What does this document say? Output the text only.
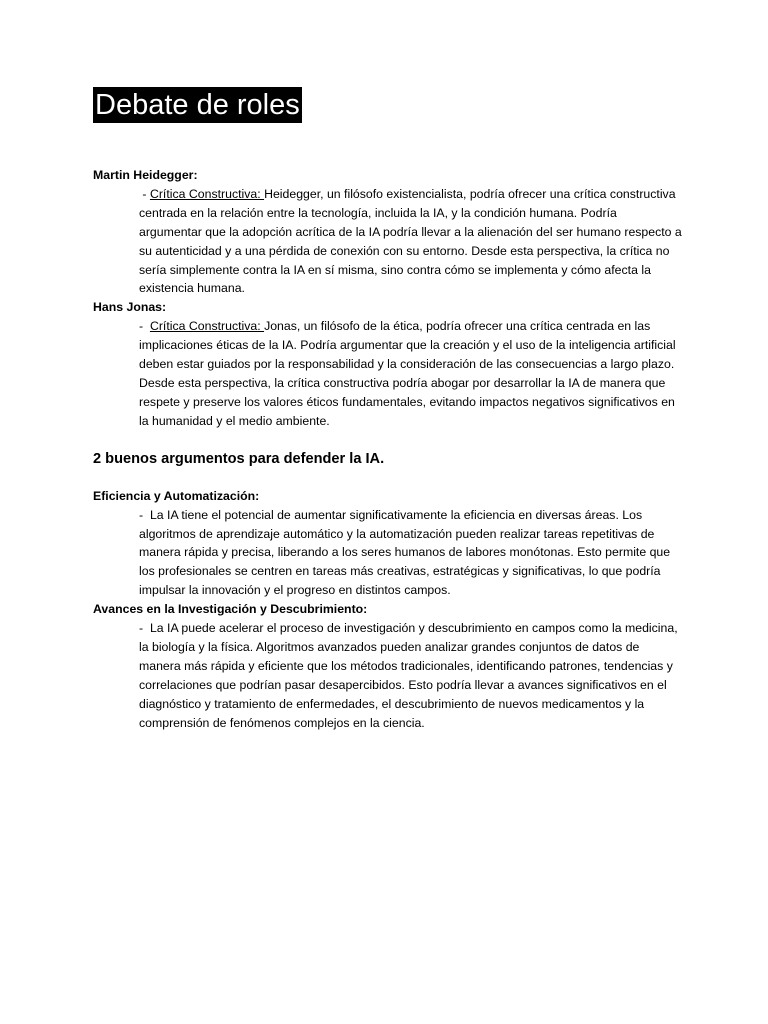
Debate de roles
Martin Heidegger:
- Crítica Constructiva: Heidegger, un filósofo existencialista, podría ofrecer una crítica constructiva centrada en la relación entre la tecnología, incluida la IA, y la condición humana. Podría argumentar que la adopción acrítica de la IA podría llevar a la alienación del ser humano respecto a su autenticidad y a una pérdida de conexión con su entorno. Desde esta perspectiva, la crítica no sería simplemente contra la IA en sí misma, sino contra cómo se implementa y cómo afecta la existencia humana.
Hans Jonas:
-  Crítica Constructiva: Jonas, un filósofo de la ética, podría ofrecer una crítica centrada en las implicaciones éticas de la IA. Podría argumentar que la creación y el uso de la inteligencia artificial deben estar guiados por la responsabilidad y la consideración de las consecuencias a largo plazo. Desde esta perspectiva, la crítica constructiva podría abogar por desarrollar la IA de manera que respete y preserve los valores éticos fundamentales, evitando impactos negativos significativos en la humanidad y el medio ambiente.
2 buenos argumentos para defender la IA.
Eficiencia y Automatización:
-  La IA tiene el potencial de aumentar significativamente la eficiencia en diversas áreas. Los algoritmos de aprendizaje automático y la automatización pueden realizar tareas repetitivas de manera rápida y precisa, liberando a los seres humanos de labores monótonas. Esto permite que los profesionales se centren en tareas más creativas, estratégicas y significativas, lo que podría impulsar la innovación y el progreso en distintos campos.
Avances en la Investigación y Descubrimiento:
-  La IA puede acelerar el proceso de investigación y descubrimiento en campos como la medicina, la biología y la física. Algoritmos avanzados pueden analizar grandes conjuntos de datos de manera más rápida y eficiente que los métodos tradicionales, identificando patrones, tendencias y correlaciones que podrían pasar desapercibidos. Esto podría llevar a avances significativos en el diagnóstico y tratamiento de enfermedades, el descubrimiento de nuevos medicamentos y la comprensión de fenómenos complejos en la ciencia.
